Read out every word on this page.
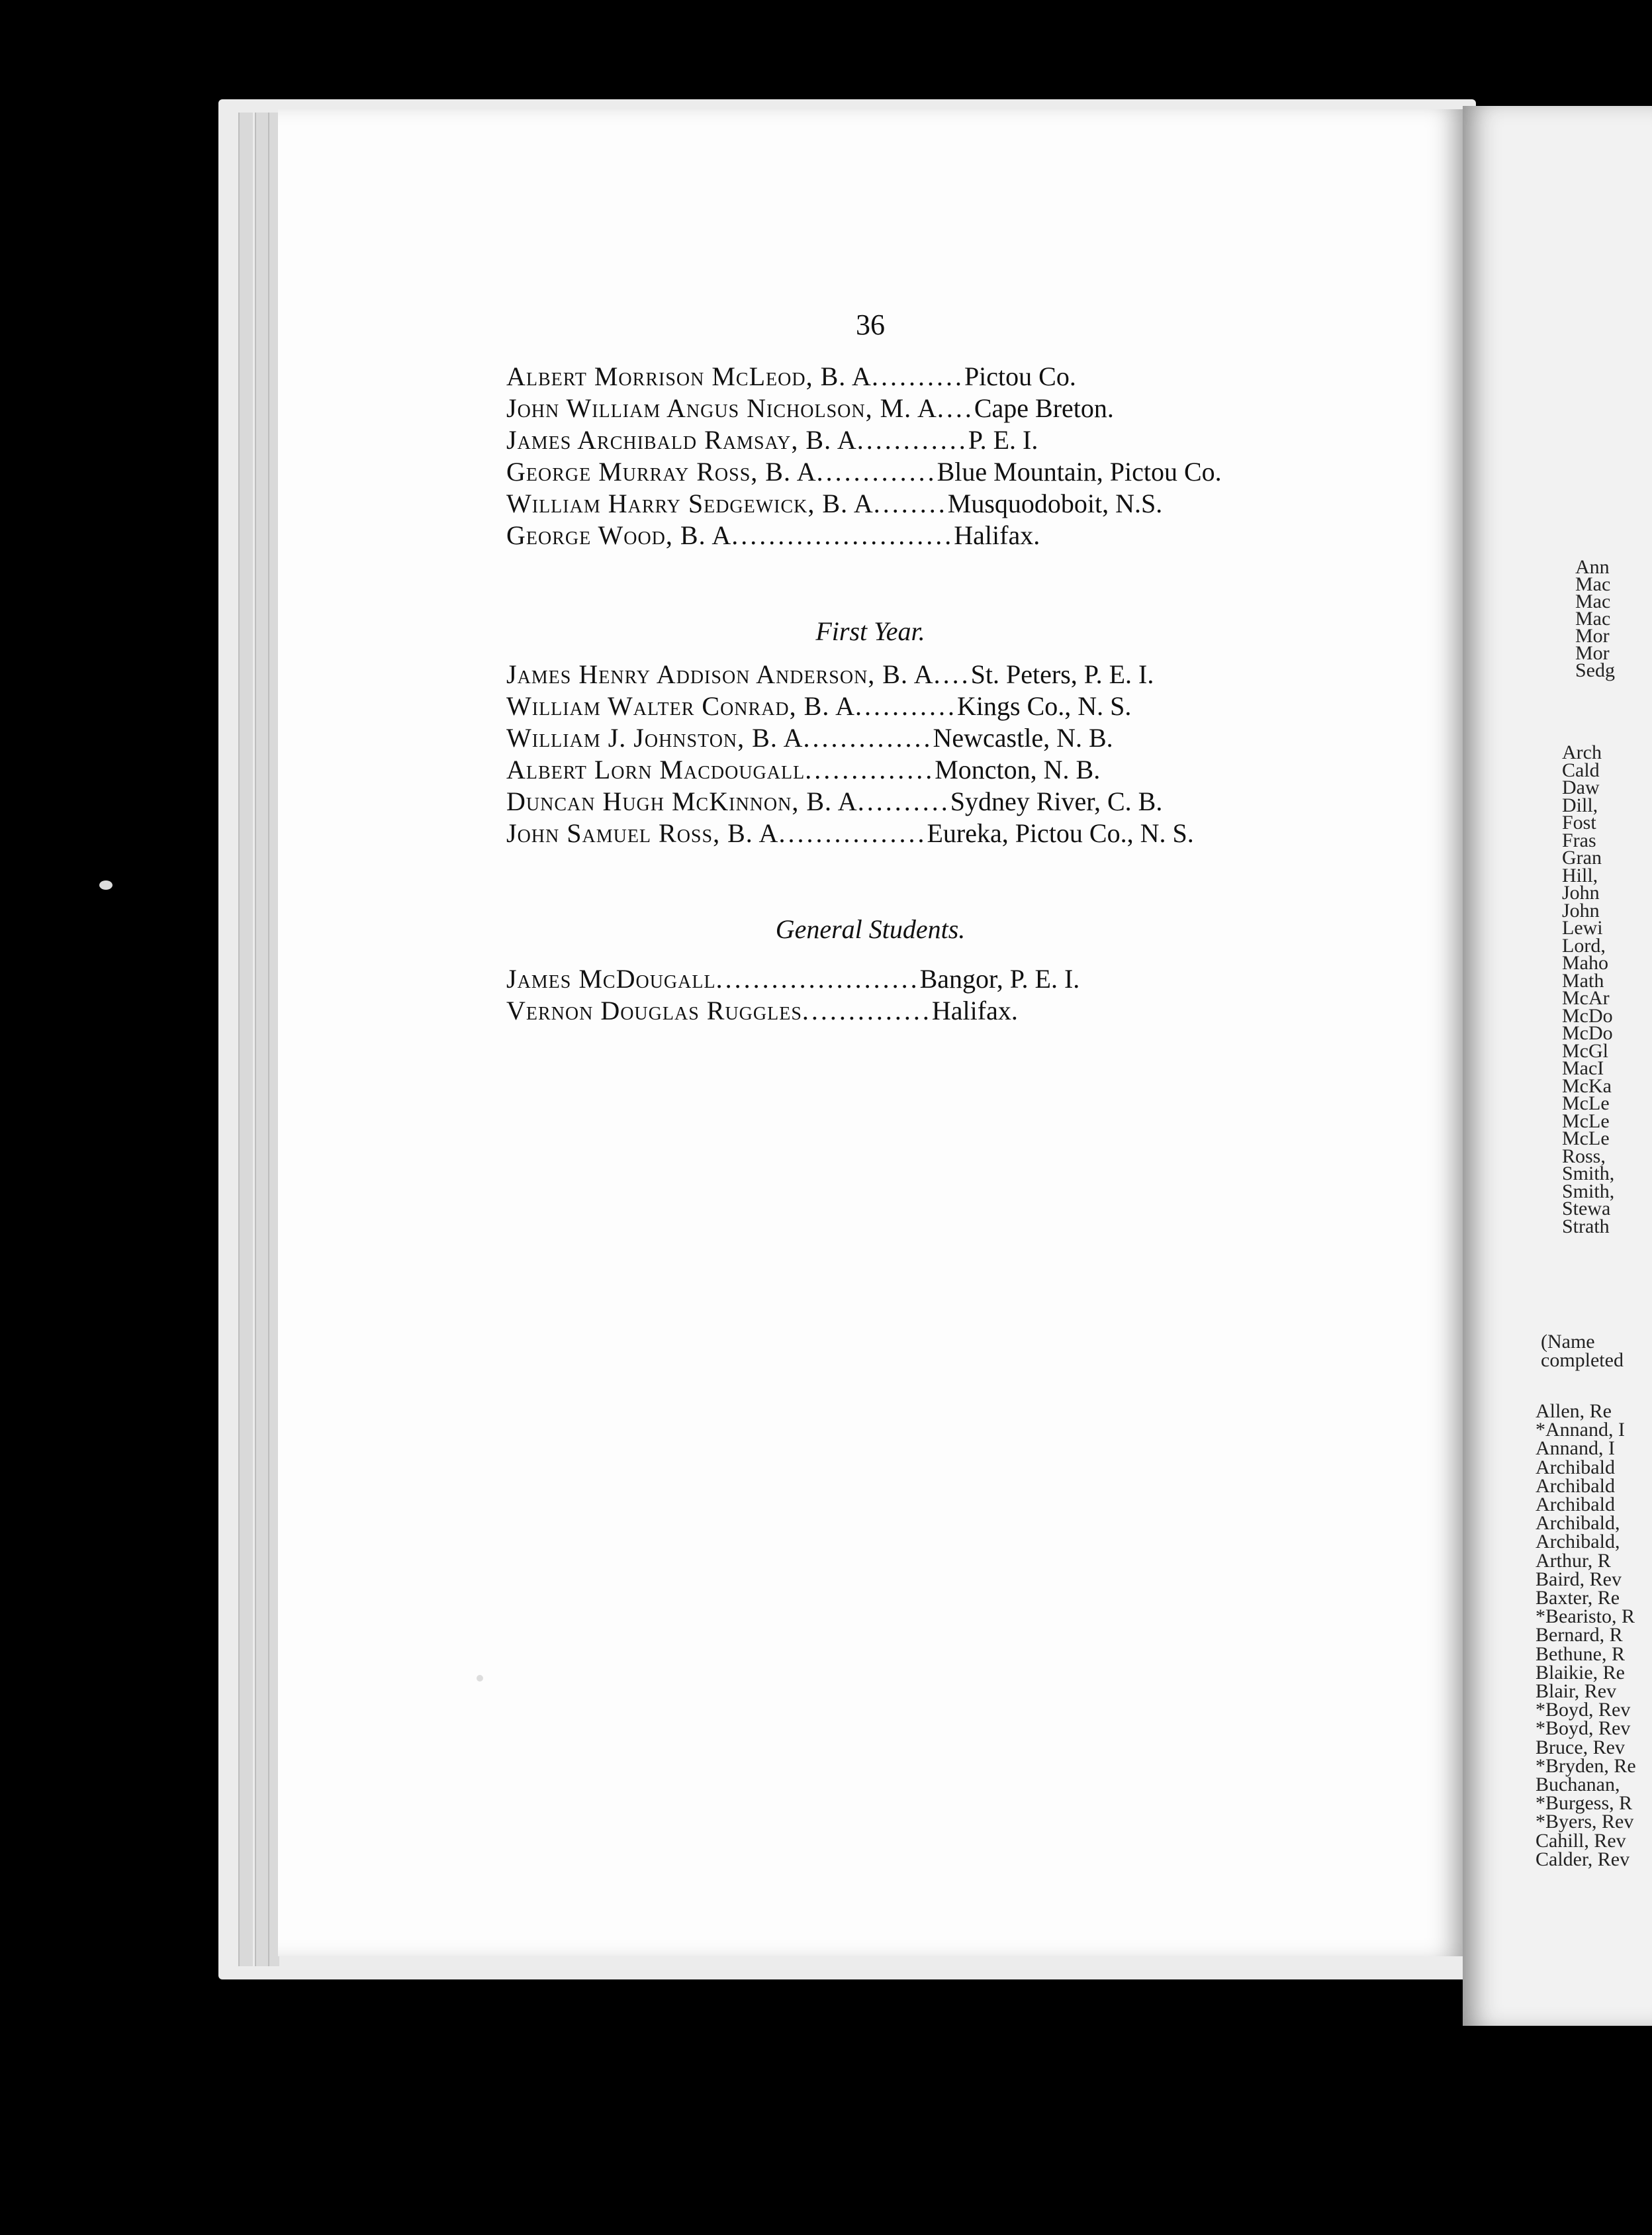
36
Albert Morrison McLeod, B. A .......... Pictou Co.
John William Angus Nicholson, M. A .... Cape Breton.
James Archibald Ramsay, B. A ............ P. E. I.
George Murray Ross, B. A ............. Blue Mountain, Pictou Co.
William Harry Sedgewick, B. A ........ Musquodoboit, N.S.
George Wood, B. A ........................ Halifax.
First Year.
James Henry Addison Anderson, B. A .... St. Peters, P. E. I.
William Walter Conrad, B. A ........... Kings Co., N. S.
William J. Johnston, B. A .............. Newcastle, N. B.
Albert Lorn Macdougall .............. Moncton, N. B.
Duncan Hugh McKinnon, B. A .......... Sydney River, C. B.
John Samuel Ross, B. A ................ Eureka, Pictou Co., N. S.
General Students.
James McDougall ...................... Bangor, P. E. I.
Vernon Douglas Ruggles .............. Halifax.
Ann
Mac
Mac
Mac
Mor
Mor
Sedg
Arch
Cald
Daw
Dill,
Fost
Fras
Gran
Hill,
John
John
Lewi
Lord,
Maho
Math
McAr
McDo
McDo
McGl
MacI
McKa
McLe
McLe
McLe
Ross,
Smith,
Smith,
Stewa
Strath
(Name
completed
Allen, Re
*Annand, I
Annand, I
Archibald
Archibald
Archibald
Archibald,
Archibald,
Arthur, R
Baird, Rev
Baxter, Re
*Bearisto, R
Bernard, R
Bethune, R
Blaikie, Re
Blair, Rev
*Boyd, Rev
*Boyd, Rev
Bruce, Rev
*Bryden, Re
Buchanan,
*Burgess, R
*Byers, Rev
Cahill, Rev
Calder, Rev
